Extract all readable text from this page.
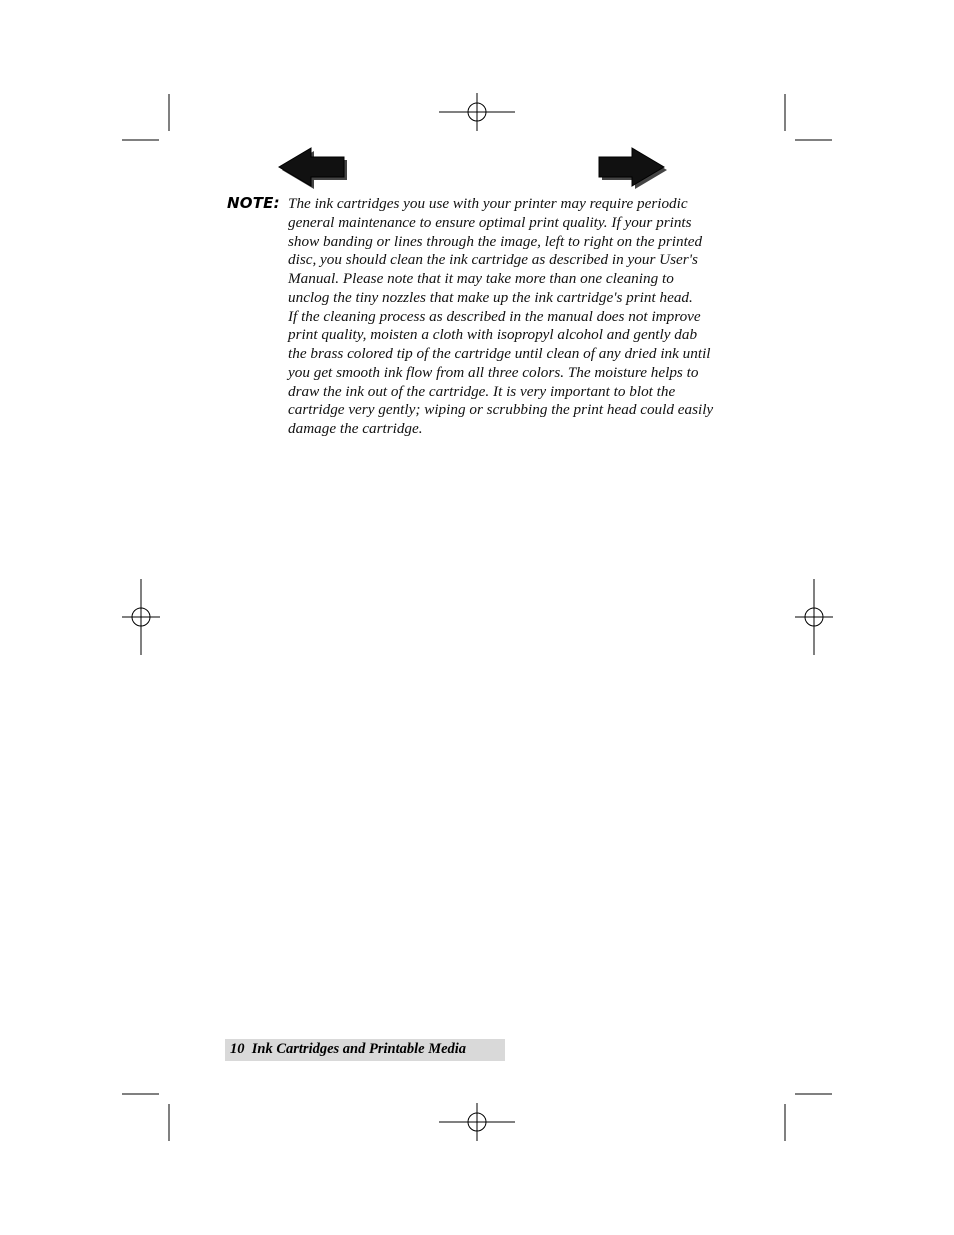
NOTE: The ink cartridges you use with your printer may require periodic
general maintenance to ensure optimal print quality. If your prints
show banding or lines through the image, left to right on the printed
disc, you should clean the ink cartridge as described in your User's
Manual. Please note that it may take more than one cleaning to
unclog the tiny nozzles that make up the ink cartridge's print head.
If the cleaning process as described in the manual does not improve
print quality, moisten a cloth with isopropyl alcohol and gently dab
the brass colored tip of the cartridge until clean of any dried ink until
you get smooth ink flow from all three colors. The moisture helps to
draw the ink out of the cartridge. It is very important to blot the
cartridge very gently; wiping or scrubbing the print head could easily
damage the cartridge.
10 Ink Cartridges and Printable Media
